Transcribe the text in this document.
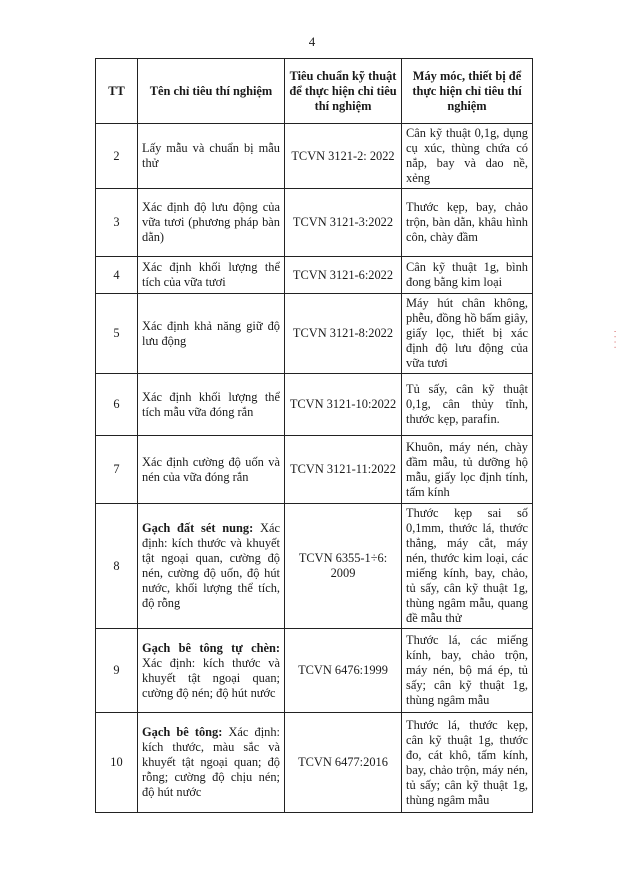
4
TT	Tên chỉ tiêu thí nghiệm	Tiêu chuẩn kỹ thuật để thực hiện chỉ tiêu thí nghiệm	Máy móc, thiết bị để thực hiện chỉ tiêu thí nghiệm
2	Lấy mẫu và chuẩn bị mẫu thử	TCVN 3121-2: 2022	Cân kỹ thuật 0,1g, dụng cụ xúc, thùng chứa có nắp, bay và dao nề, xẻng
3	Xác định độ lưu động của vữa tươi (phương pháp bàn dằn)	TCVN 3121-3:2022	Thước kẹp, bay, chảo trộn, bàn dằn, khâu hình côn, chày đầm
4	Xác định khối lượng thể tích của vữa tươi	TCVN 3121-6:2022	Cân kỹ thuật 1g, bình đong bằng kim loại
5	Xác định khả năng giữ độ lưu động	TCVN 3121-8:2022	Máy hút chân không, phễu, đồng hồ bấm giây, giấy lọc, thiết bị xác định độ lưu động của vữa tươi
6	Xác định khối lượng thể tích mẫu vữa đóng rắn	TCVN 3121-10:2022	Tủ sấy, cân kỹ thuật 0,1g, cân thủy tĩnh, thước kẹp, parafin.
7	Xác định cường độ uốn và nén của vữa đóng rắn	TCVN 3121-11:2022	Khuôn, máy nén, chày đầm mẫu, tủ dưỡng hộ mẫu, giấy lọc định tính, tấm kính
8	Gạch đất sét nung: Xác định: kích thước và khuyết tật ngoại quan, cường độ nén, cường độ uốn, độ hút nước, khối lượng thể tích, độ rỗng	TCVN 6355-1÷6: 2009	Thước kẹp sai số 0,1mm, thước lá, thước thẳng, máy cắt, máy nén, thước kim loại, các miếng kính, bay, chảo, tủ sấy, cân kỹ thuật 1g, thùng ngâm mẫu, quang đề mẫu thử
9	Gạch bê tông tự chèn: Xác định: kích thước và khuyết tật ngoại quan; cường độ nén; độ hút nước	TCVN 6476:1999	Thước lá, các miếng kính, bay, chảo trộn, máy nén, bộ má ép, tủ sấy; cân kỹ thuật 1g, thùng ngâm mẫu
10	Gạch bê tông: Xác định: kích thước, màu sắc và khuyết tật ngoại quan; độ rỗng; cường độ chịu nén; độ hút nước	TCVN 6477:2016	Thước lá, thước kẹp, cân kỹ thuật 1g, thước đo, cát khô, tấm kính, bay, chảo trộn, máy nén, tủ sấy; cân kỹ thuật 1g, thùng ngâm mẫu
· · · ·
